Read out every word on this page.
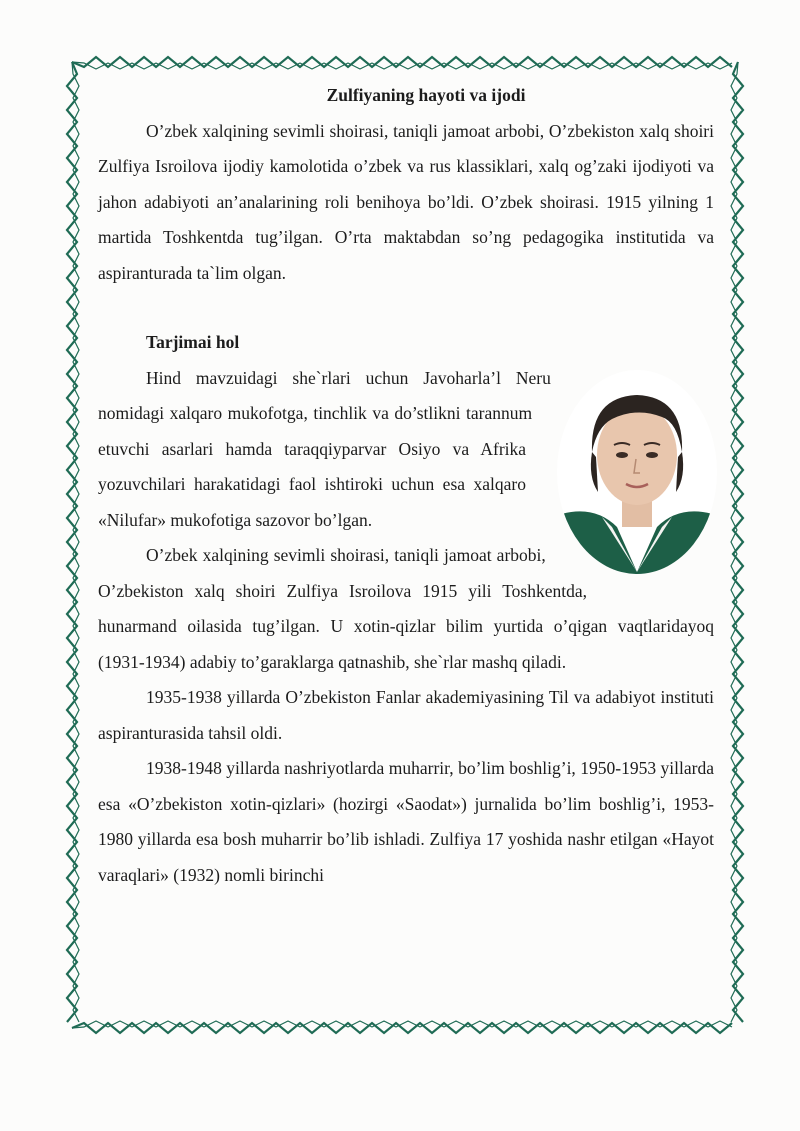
Zulfiyaning hayoti va ijodi

O’zbek xalqining sevimli shoirasi, taniqli jamoat arbobi, O’zbekiston xalq shoiri Zulfiya Isroilova ijodiy kamolotida o’zbek va rus klassiklari, xalq og’zaki ijodiyoti va jahon adabiyoti an’analarining roli benihoya bo’ldi. O’zbek shoirasi. 1915 yilning 1 martida Toshkentda tug’ilgan. O’rta maktabdan so’ng pedagogika institutida va aspiranturada ta`lim olgan.

Tarjimai hol

Hind mavzuidagi she`rlari uchun Javoharla’l Neru nomidagi xalqaro mukofotga, tinchlik va do’stlikni tarannum etuvchi asarlari hamda taraqqiyparvar Osiyo va Afrika yozuvchilari harakatidagi faol ishtiroki uchun esa xalqaro «Nilufar» mukofotiga sazovor bo’lgan.

O’zbek xalqining sevimli shoirasi, taniqli jamoat arbobi, O’zbekiston xalq shoiri Zulfiya Isroilova 1915 yili Toshkentda, hunarmand oilasida tug’ilgan. U xotin-qizlar bilim yurtida o’qigan vaqtlaridayoq (1931-1934) adabiy to’garaklarga qatnashib, she`rlar mashq qiladi.

1935-1938 yillarda O’zbekiston Fanlar akademiyasining Til va adabiyot instituti aspiranturasida tahsil oldi.

1938-1948 yillarda nashriyotlarda muharrir, bo’lim boshlig’i, 1950-1953 yillarda esa «O’zbekiston xotin-qizlari» (hozirgi «Saodat») jurnalida bo’lim boshlig’i, 1953-1980 yillarda esa bosh muharrir bo’lib ishladi. Zulfiya 17 yoshida nashr etilgan «Hayot varaqlari» (1932) nomli birinchi
